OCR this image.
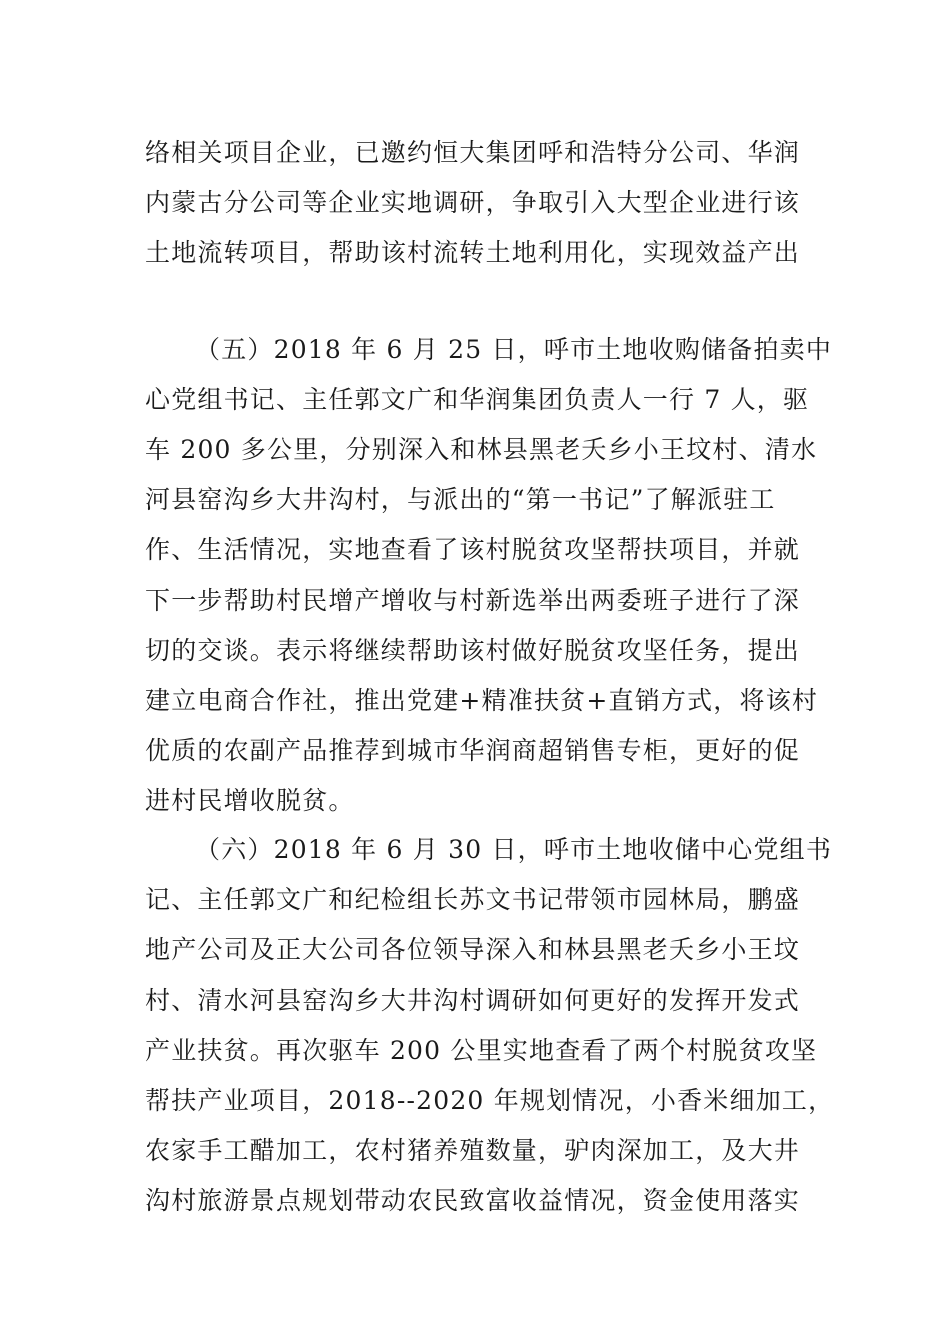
络相关项目企业，已邀约恒大集团呼和浩特分公司、华润
内蒙古分公司等企业实地调研，争取引入大型企业进行该
土地流转项目，帮助该村流转土地利用化，实现效益产出
（五）2018 年 6 月 25 日，呼市土地收购储备拍卖中
心党组书记、主任郭文广和华润集团负责人一行 7 人，驱
车 200 多公里，分别深入和林县黑老夭乡小王坟村、清水
河县窑沟乡大井沟村，与派出的“第一书记”了解派驻工
作、生活情况，实地查看了该村脱贫攻坚帮扶项目，并就
下一步帮助村民增产增收与村新选举出两委班子进行了深
切的交谈。表示将继续帮助该村做好脱贫攻坚任务，提出
建立电商合作社，推出党建+精准扶贫+直销方式，将该村
优质的农副产品推荐到城市华润商超销售专柜，更好的促
进村民增收脱贫。
（六）2018 年 6 月 30 日，呼市土地收储中心党组书
记、主任郭文广和纪检组长苏文书记带领市园林局，鹏盛
地产公司及正大公司各位领导深入和林县黑老夭乡小王坟
村、清水河县窑沟乡大井沟村调研如何更好的发挥开发式
产业扶贫。再次驱车 200 公里实地查看了两个村脱贫攻坚
帮扶产业项目，2018--2020 年规划情况，小香米细加工，
农家手工醋加工，农村猪养殖数量，驴肉深加工，及大井
沟村旅游景点规划带动农民致富收益情况，资金使用落实
